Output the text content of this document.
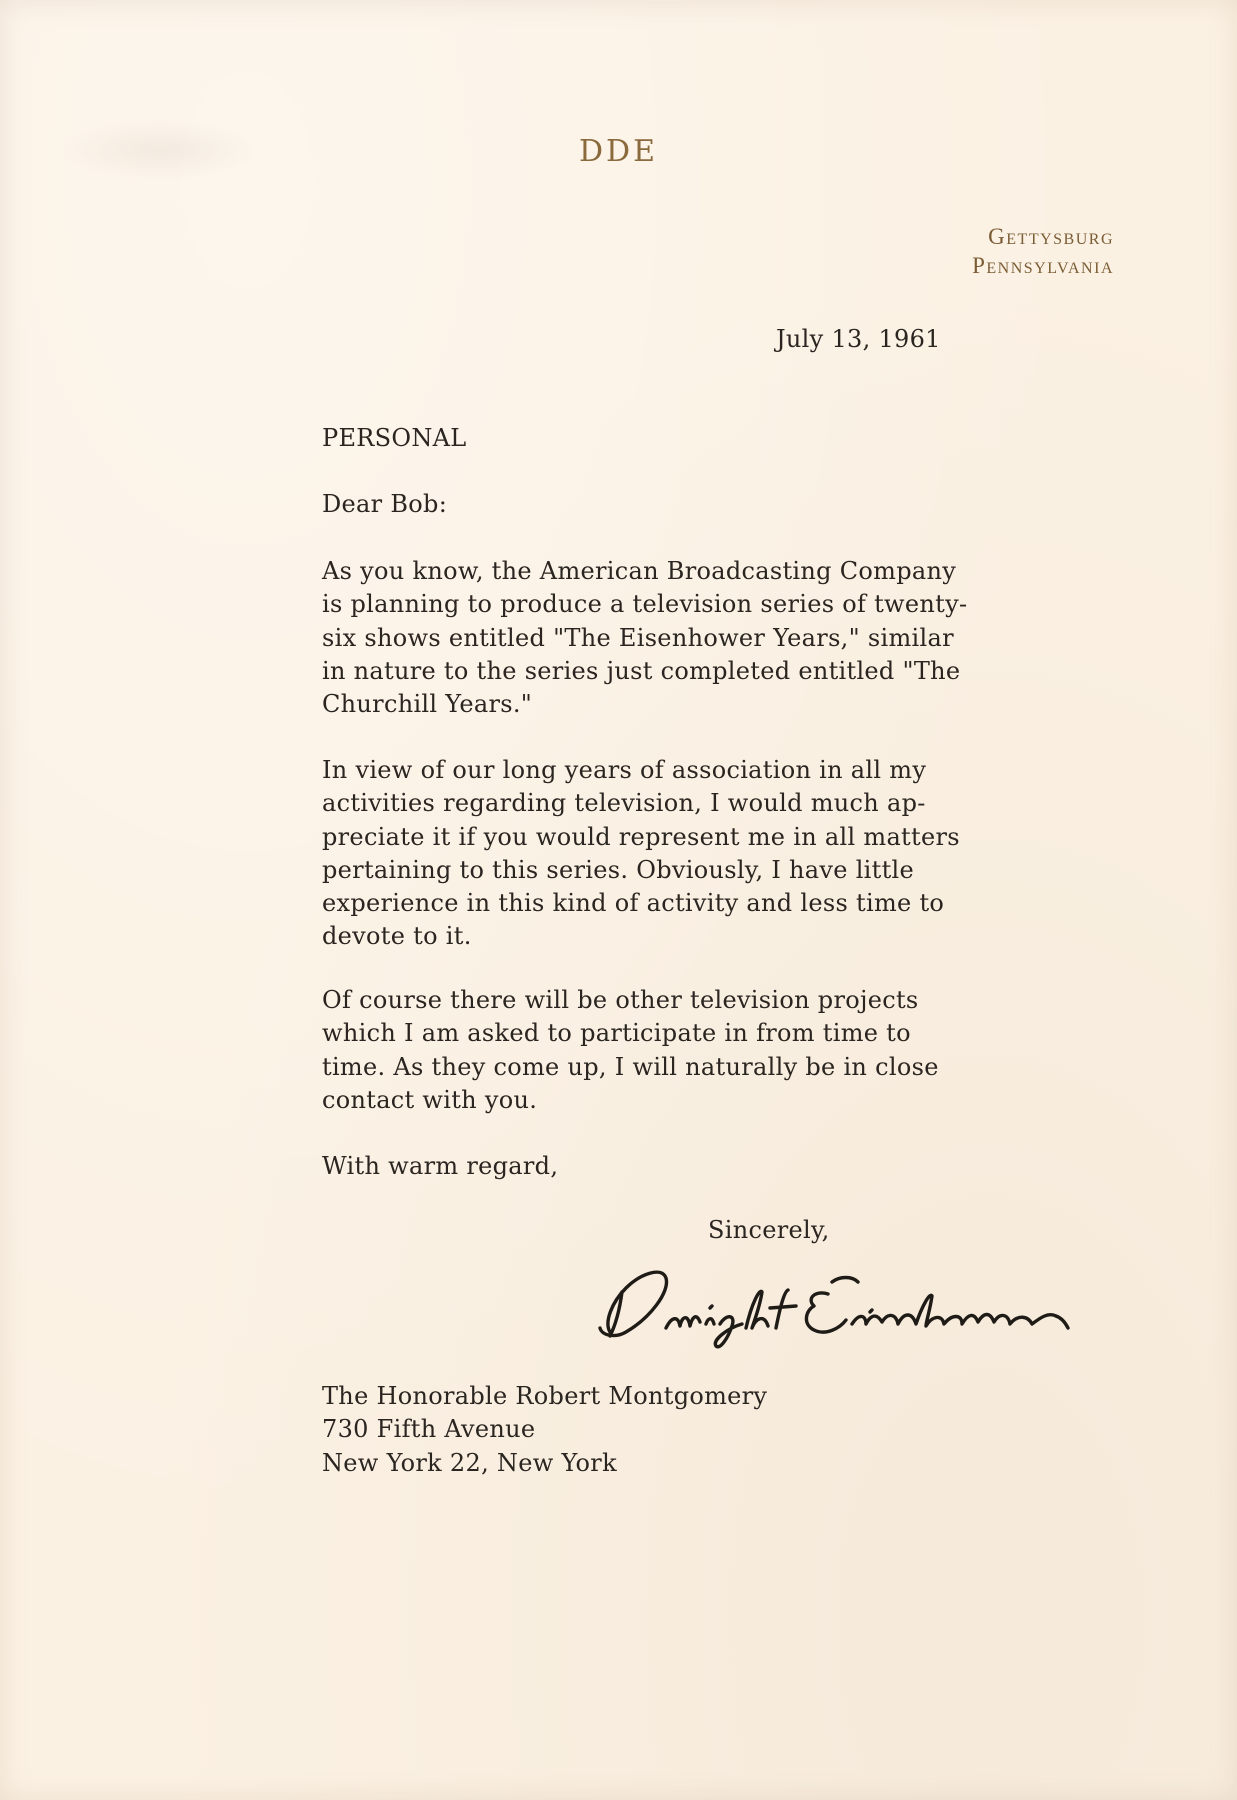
DDE
Gettysburg
Pennsylvania
July 13, 1961
PERSONAL
Dear Bob:
As you know, the American Broadcasting Company
is planning to produce a television series of twenty-
six shows entitled "The Eisenhower Years," similar
in nature to the series just completed entitled "The
Churchill Years."
In view of our long years of association in all my
activities regarding television, I would much ap-
preciate it if you would represent me in all matters
pertaining to this series. Obviously, I have little
experience in this kind of activity and less time to
devote to it.
Of course there will be other television projects
which I am asked to participate in from time to
time. As they come up, I will naturally be in close
contact with you.
With warm regard,
Sincerely,
The Honorable Robert Montgomery
730 Fifth Avenue
New York 22, New York
